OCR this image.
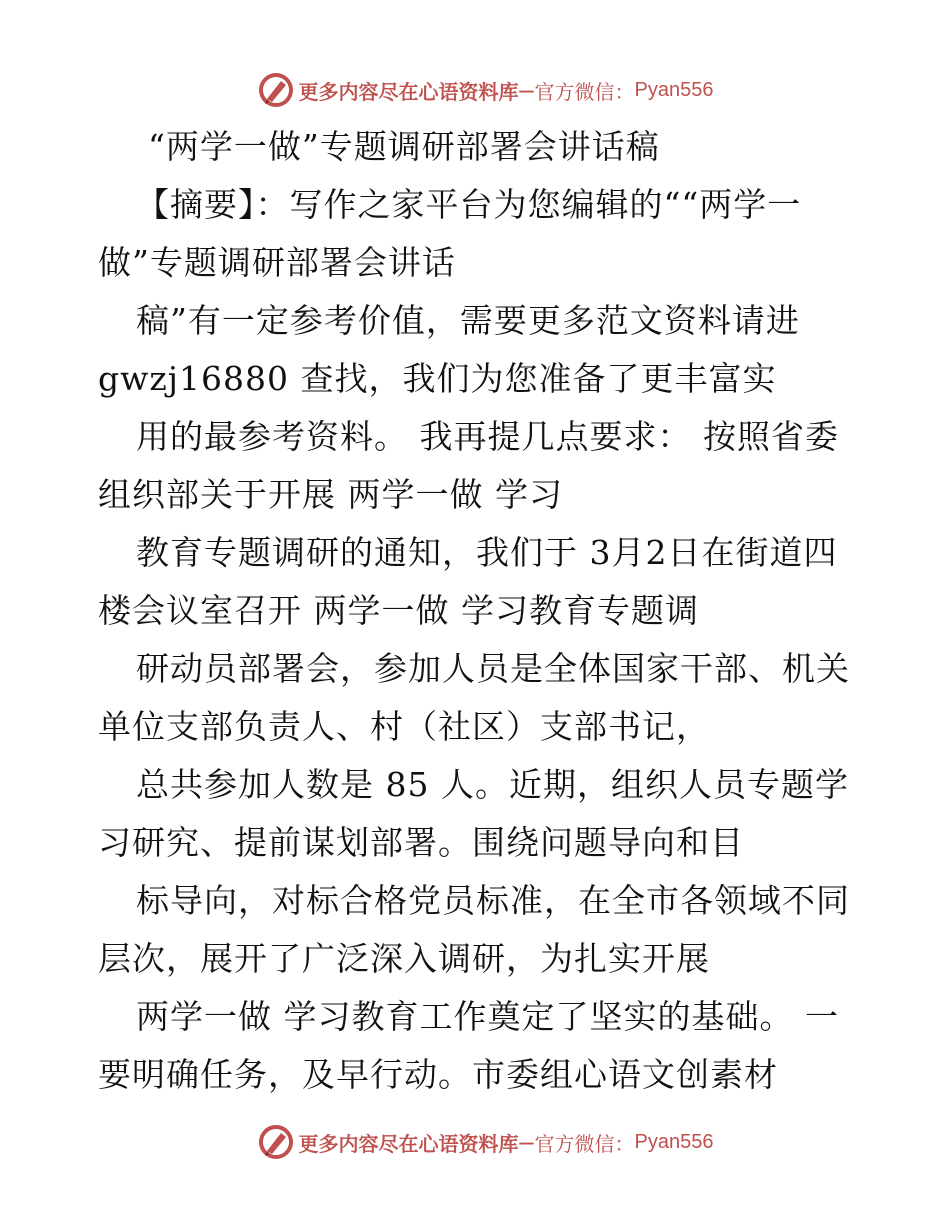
更多内容尽在心语资料库 — 官方微信： Pyan556
“两学一做”专题调研部署会讲话稿
【摘要】：写作之家平台为您编辑的““两学一
做”专题调研部署会讲话
稿”有一定参考价值，需要更多范文资料请进
gwzj16880 查找，我们为您准备了更丰富实
用的最参考资料。 我再提几点要求： 按照省委
组织部关于开展 两学一做 学习
教育专题调研的通知，我们于 3月2日在街道四
楼会议室召开 两学一做 学习教育专题调
研动员部署会，参加人员是全体国家干部、机关
单位支部负责人、村（社区）支部书记，
总共参加人数是 85 人。近期，组织人员专题学
习研究、提前谋划部署。围绕问题导向和目
标导向，对标合格党员标准，在全市各领域不同
层次，展开了广泛深入调研，为扎实开展
两学一做 学习教育工作奠定了坚实的基础。 一
要明确任务，及早行动。市委组心语文创素材
更多内容尽在心语资料库 — 官方微信： Pyan556
